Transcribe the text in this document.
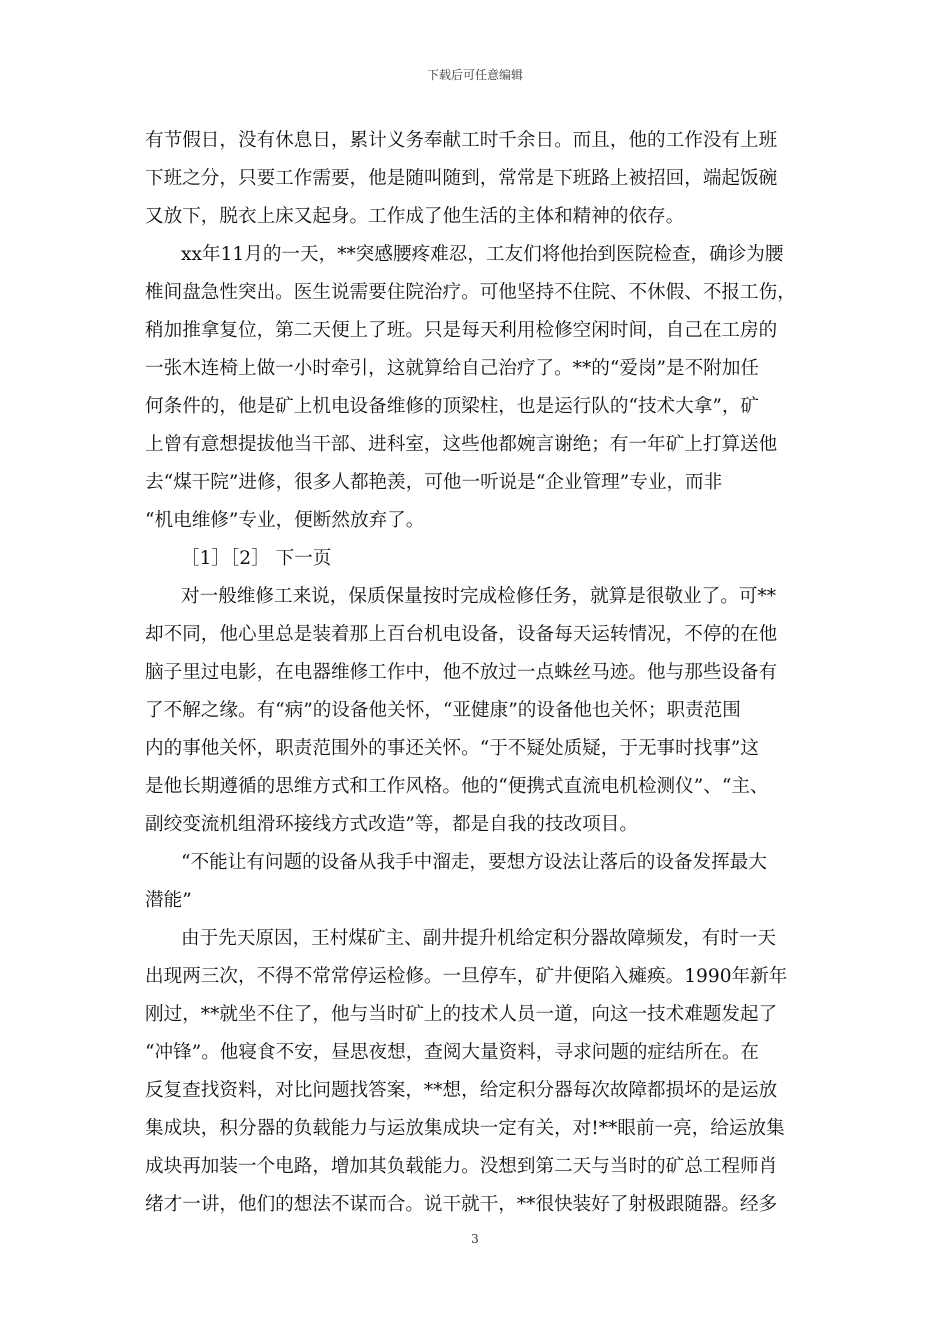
下载后可任意编辑
有节假日，没有休息日，累计义务奉献工时千余日。而且，他的工作没有上班
下班之分，只要工作需要，他是随叫随到，常常是下班路上被招回，端起饭碗
又放下，脱衣上床又起身。工作成了他生活的主体和精神的依存。
xx年11月的一天，**突感腰疼难忍，工友们将他抬到医院检查，确诊为腰
椎间盘急性突出。医生说需要住院治疗。可他坚持不住院、不休假、不报工伤，
稍加推拿复位，第二天便上了班。只是每天利用检修空闲时间，自己在工房的
一张木连椅上做一小时牵引，这就算给自己治疗了。**的“爱岗”是不附加任
何条件的，他是矿上机电设备维修的顶梁柱，也是运行队的“技术大拿”，矿
上曾有意想提拔他当干部、进科室，这些他都婉言谢绝；有一年矿上打算送他
去“煤干院”进修，很多人都艳羡，可他一听说是“企业管理”专业，而非
“机电维修”专业，便断然放弃了。
［1］［2］ 下一页
对一般维修工来说，保质保量按时完成检修任务，就算是很敬业了。可**
却不同，他心里总是装着那上百台机电设备，设备每天运转情况，不停的在他
脑子里过电影，在电器维修工作中，他不放过一点蛛丝马迹。他与那些设备有
了不解之缘。有“病”的设备他关怀，“亚健康”的设备他也关怀；职责范围
内的事他关怀，职责范围外的事还关怀。“于不疑处质疑，于无事时找事”这
是他长期遵循的思维方式和工作风格。他的“便携式直流电机检测仪”、“主、
副绞变流机组滑环接线方式改造”等，都是自我的技改项目。
“不能让有问题的设备从我手中溜走，要想方设法让落后的设备发挥最大
潜能”
由于先天原因，王村煤矿主、副井提升机给定积分器故障频发，有时一天
出现两三次，不得不常常停运检修。一旦停车，矿井便陷入瘫痪。1990年新年
刚过，**就坐不住了，他与当时矿上的技术人员一道，向这一技术难题发起了
“冲锋”。他寝食不安，昼思夜想，查阅大量资料，寻求问题的症结所在。在
反复查找资料，对比问题找答案，**想，给定积分器每次故障都损坏的是运放
集成块，积分器的负载能力与运放集成块一定有关，对!**眼前一亮，给运放集
成块再加装一个电路，增加其负载能力。没想到第二天与当时的矿总工程师肖
绪才一讲，他们的想法不谋而合。说干就干，**很快装好了射极跟随器。经多
3
